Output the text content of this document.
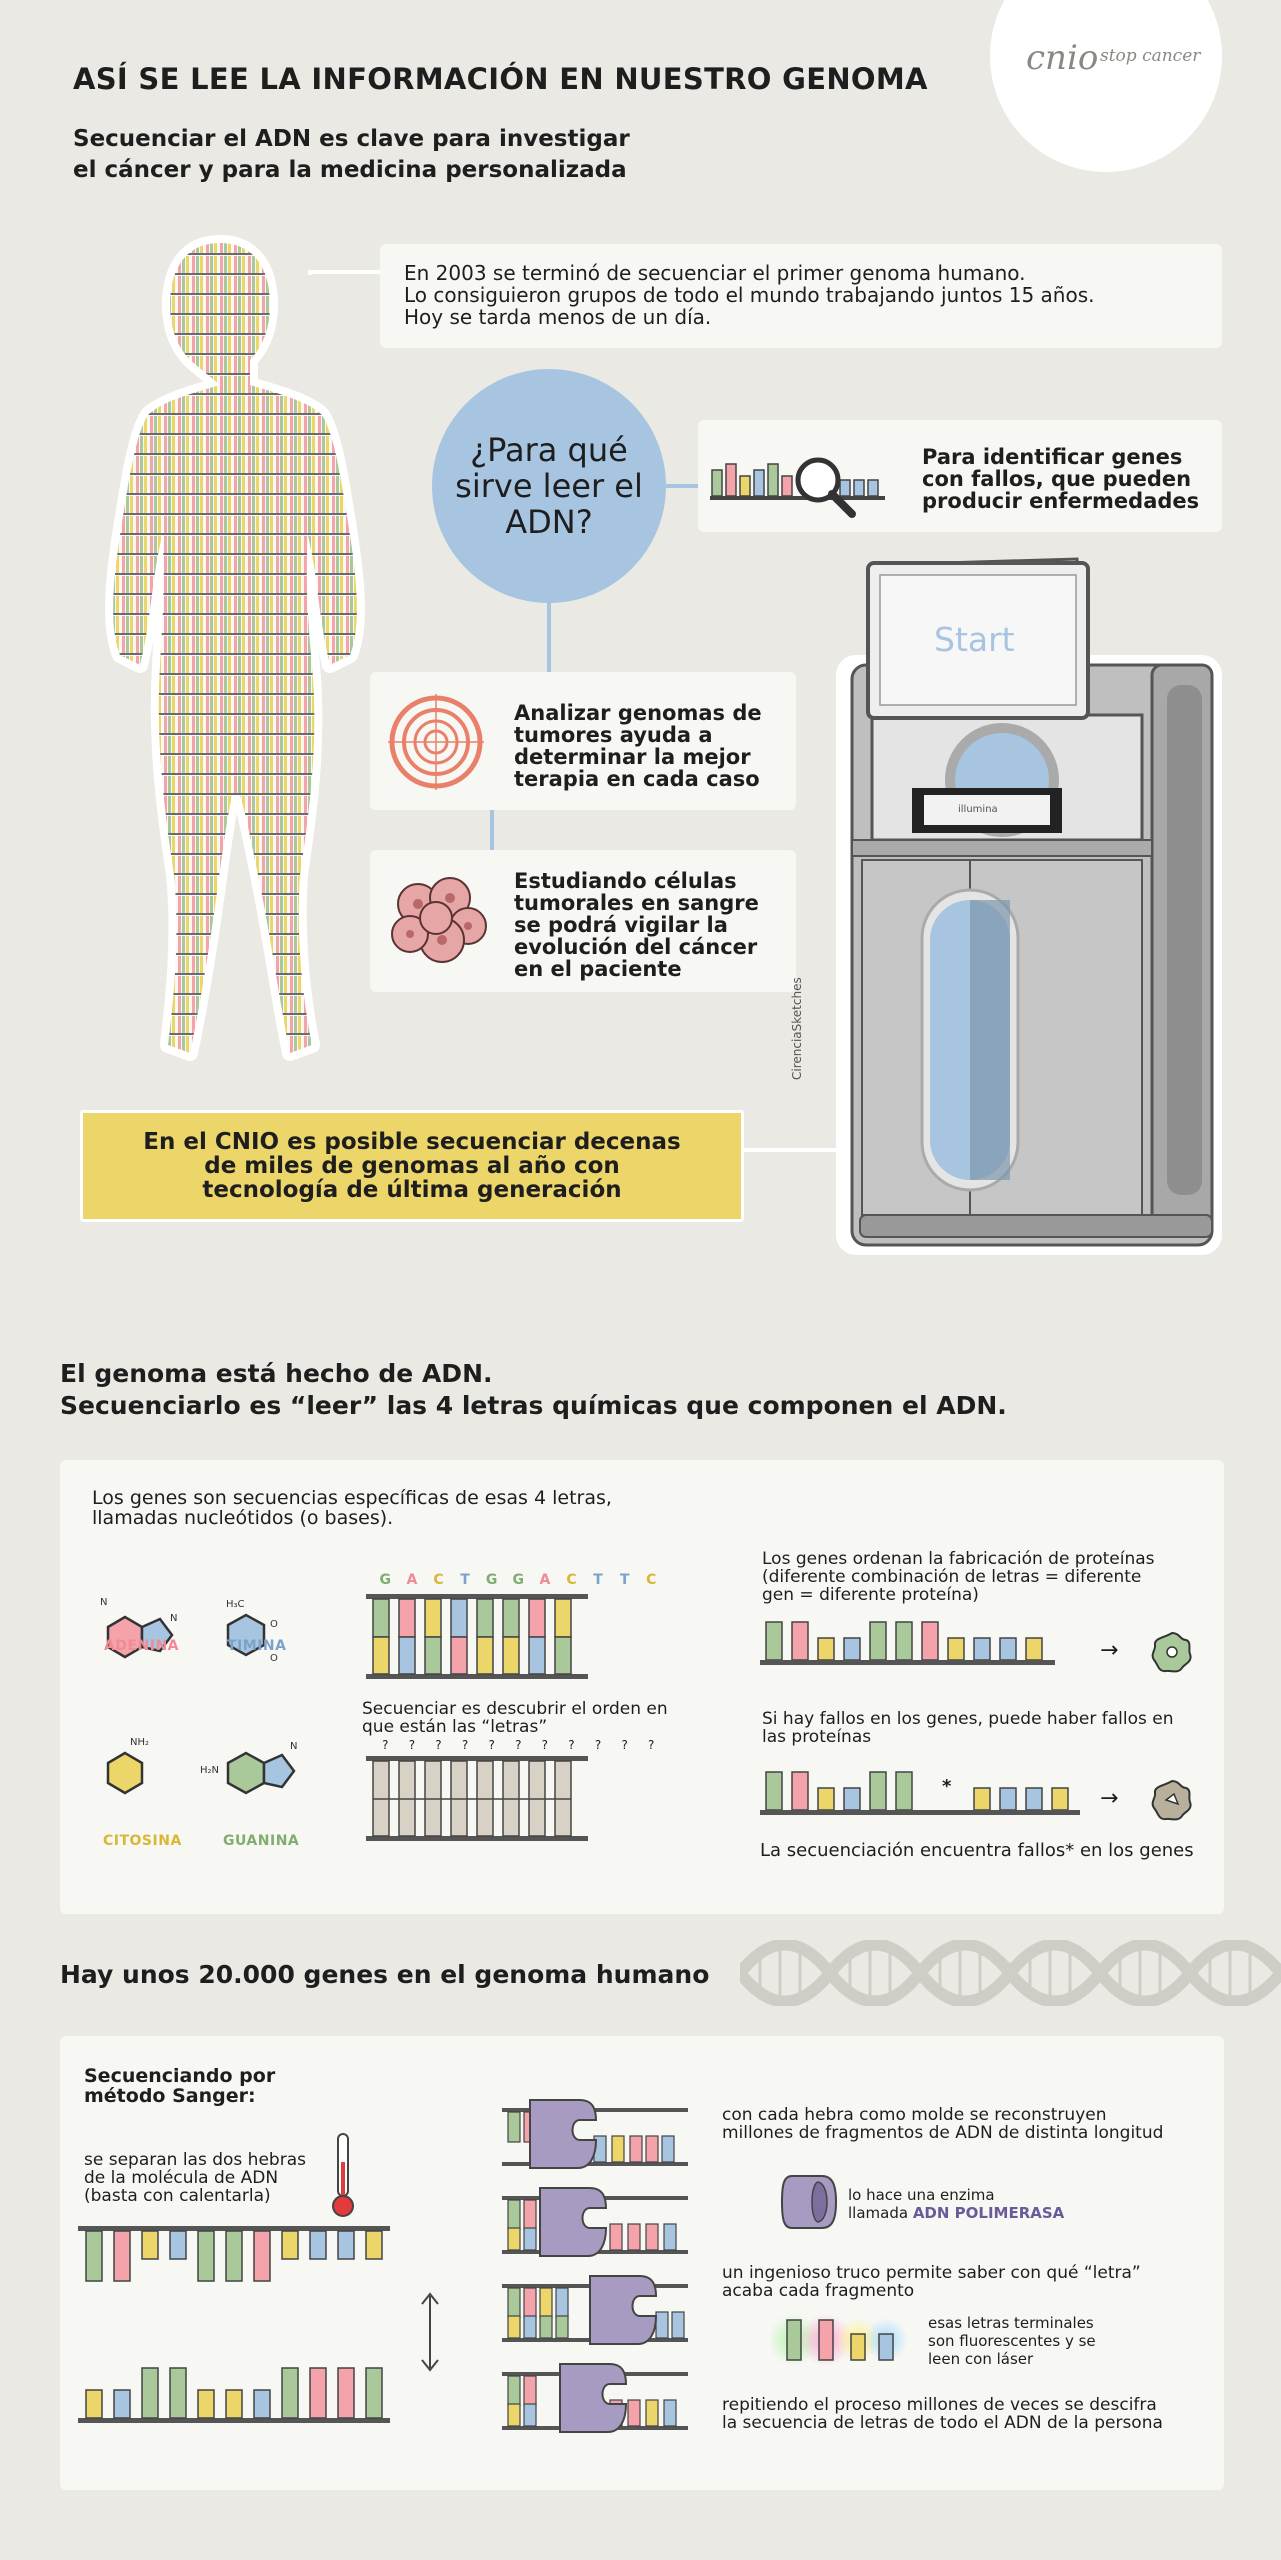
cnio stop cancer
ASÍ SE LEE LA INFORMACIÓN EN NUESTRO GENOMA
Secuenciar el ADN es clave para investigar
el cáncer y para la medicina personalizada
En 2003 se terminó de secuenciar el primer genoma humano.
Lo consiguieron grupos de todo el mundo trabajando juntos 15 años.
Hoy se tarda menos de un día.
¿Para qué
sirve leer el
ADN?
Para identificar genes
con fallos, que pueden
producir enfermedades
Analizar genomas de
tumores ayuda a
determinar la mejor
terapia en cada caso
Estudiando células
tumorales en sangre
se podrá vigilar la
evolución del cáncer
en el paciente
Start
illumina
CirenciaSketches
En el CNIO es posible secuenciar decenas
de miles de genomas al año con
tecnología de última generación
El genoma está hecho de ADN.
Secuenciarlo es “leer” las 4 letras químicas que componen el ADN.
Los genes son secuencias específicas de esas 4 letras,
llamadas nucleótidos (o bases).
N
N
H₃C
O
O
NH₂
H₂N
N
ADENINA	TIMINA
CITOSINA	GUANINA
G	A	C	T	G	G	A	C	T	T	C
Secuenciar es descubrir el orden en
que están las “letras”
?	?	?	?	?	?	?	?	?	?	?
Los genes ordenan la fabricación de proteínas
(diferente combinación de letras = diferente
gen = diferente proteína)
→
Si hay fallos en los genes, puede haber fallos en
las proteínas
*	→
La secuenciación encuentra fallos* en los genes
Hay unos 20.000 genes en el genoma humano
Secuenciando por
método Sanger:
se separan las dos hebras
de la molécula de ADN
(basta con calentarla)
con cada hebra como molde se reconstruyen
millones de fragmentos de ADN de distinta longitud
lo hace una enzima
llamada ADN POLIMERASA
un ingenioso truco permite saber con qué “letra”
acaba cada fragmento
esas letras terminales
son fluorescentes y se
leen con láser
repitiendo el proceso millones de veces se descifra
la secuencia de letras de todo el ADN de la persona
